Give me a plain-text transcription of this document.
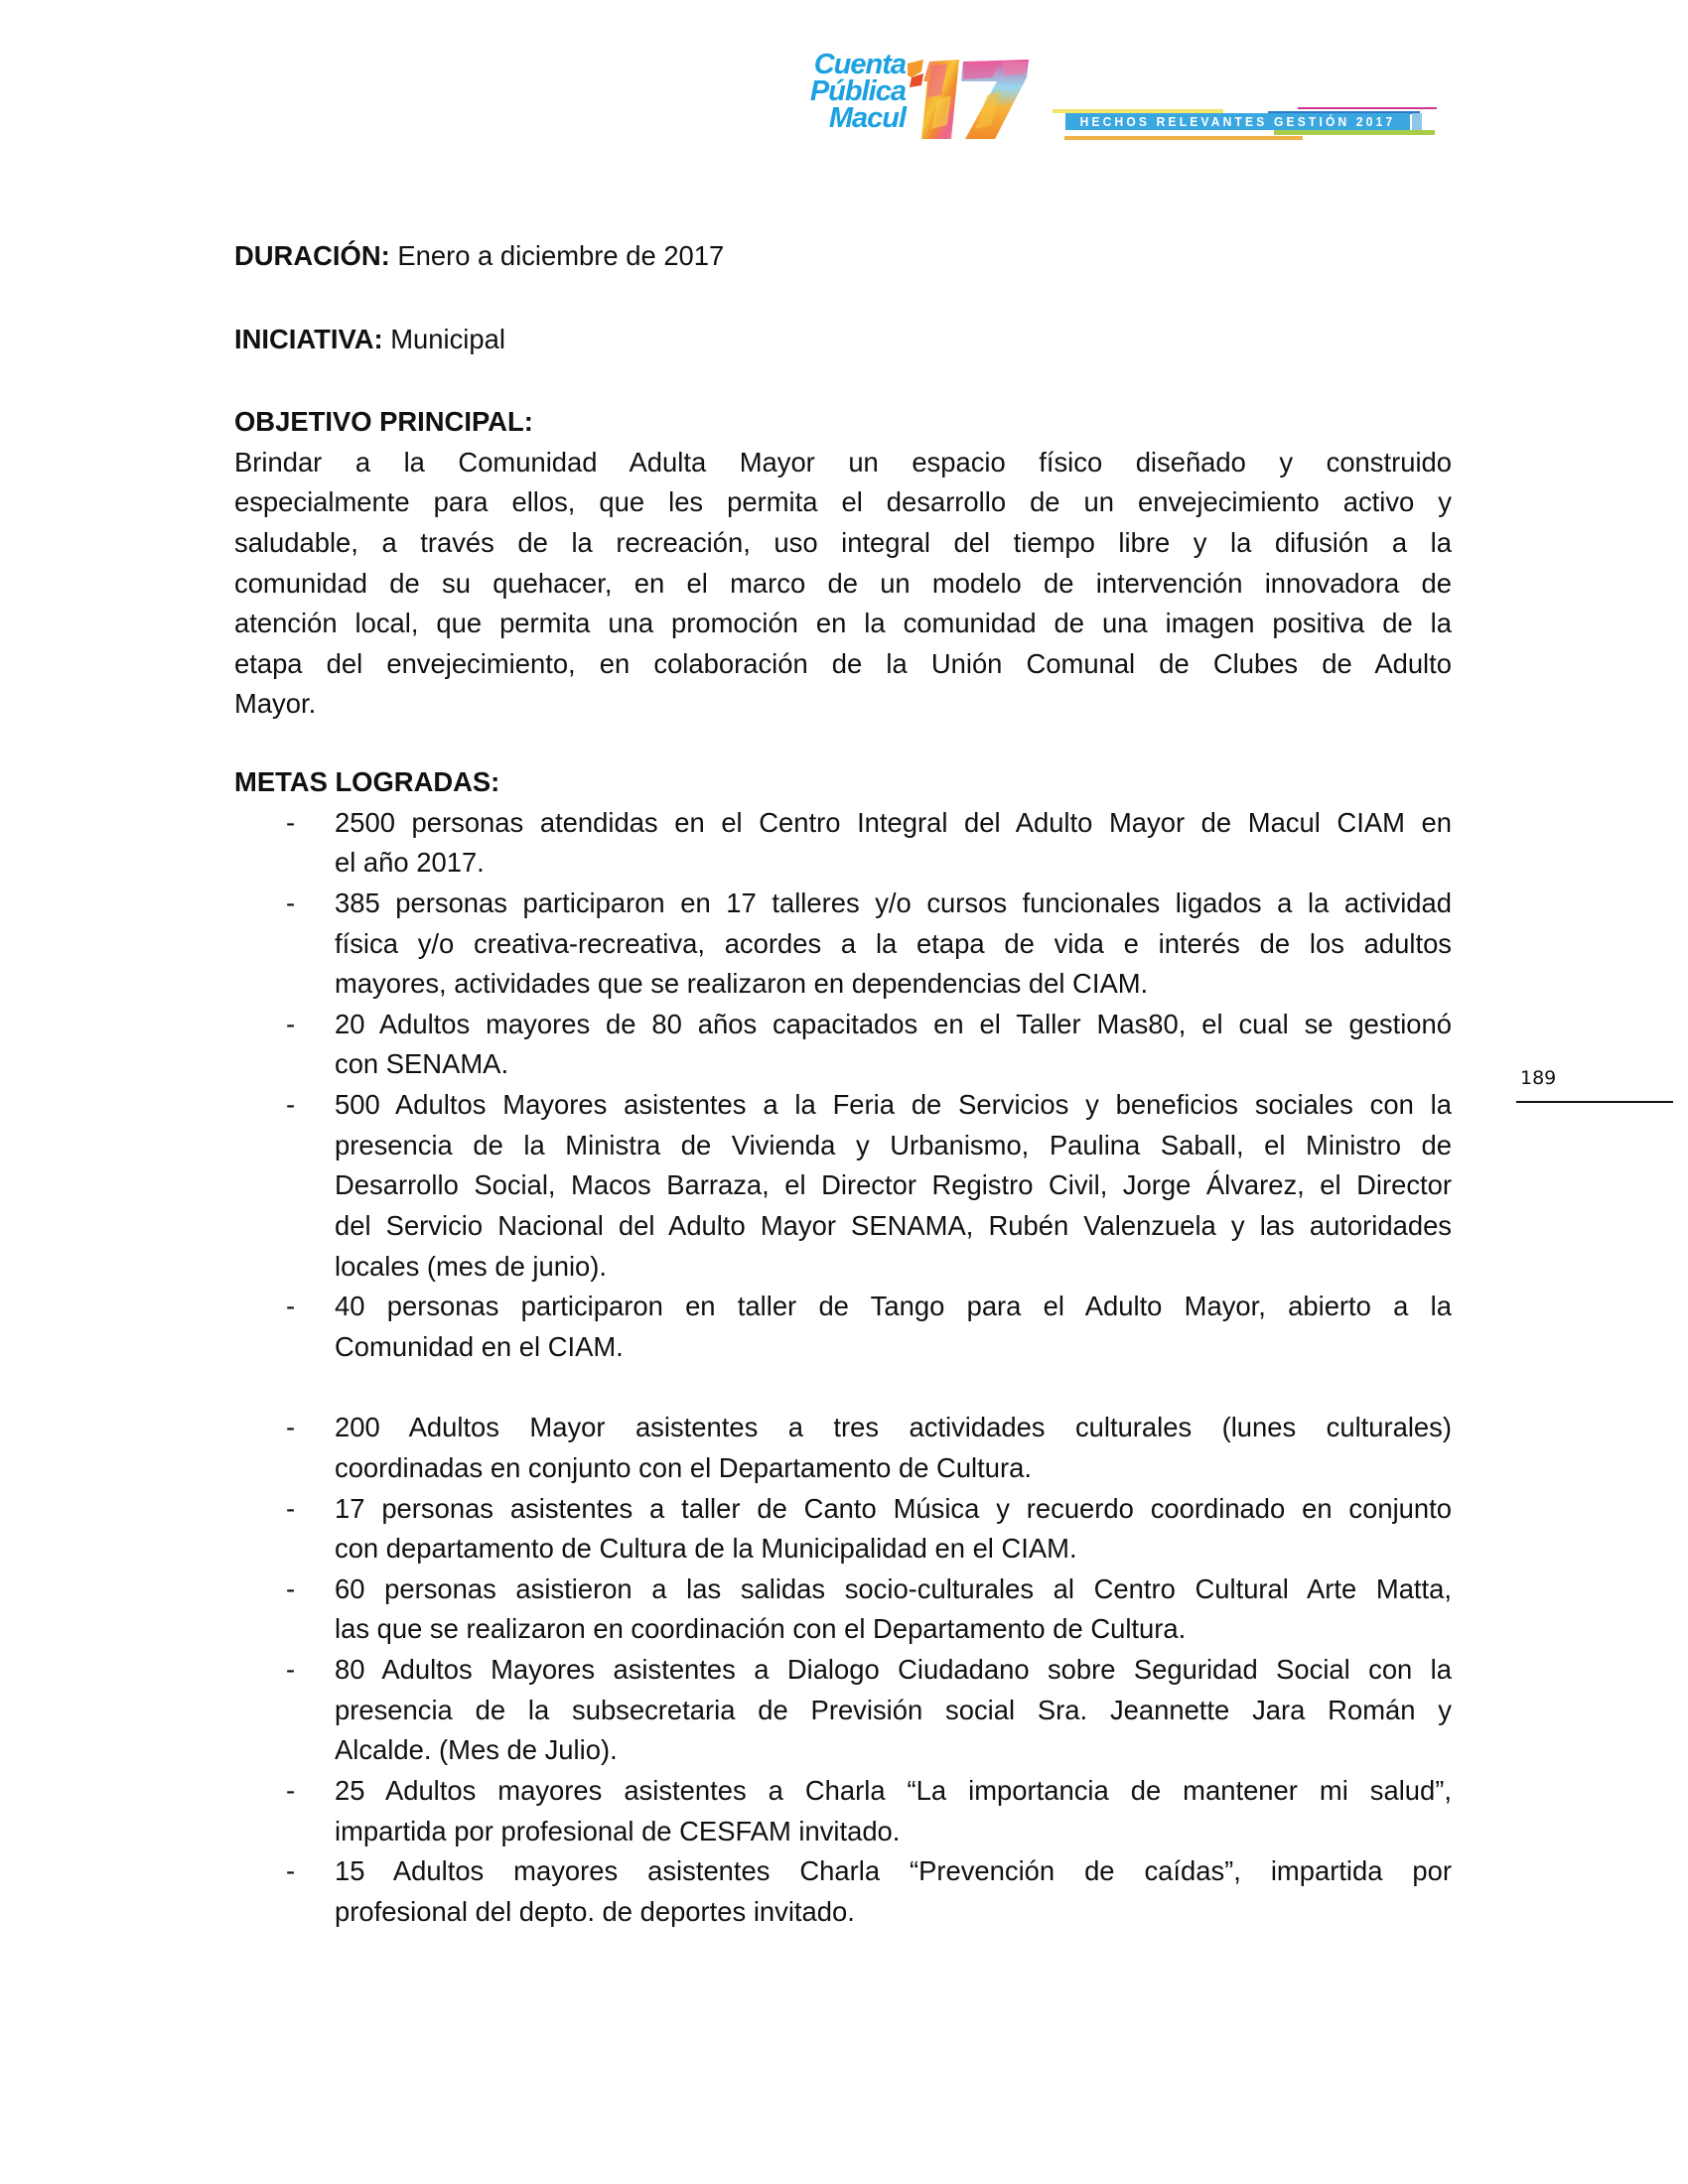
Cuenta
Pública
Macul	HECHOS RELEVANTES GESTIÓN 2017
DURACIÓN: Enero a diciembre de 2017
INICIATIVA: Municipal
OBJETIVO PRINCIPAL:
Brindar a la Comunidad Adulta Mayor un espacio físico diseñado y construido
especialmente para ellos, que les permita el desarrollo de un envejecimiento activo y
saludable, a través de la recreación, uso integral del tiempo libre y la difusión a la
comunidad de su quehacer, en el marco de un modelo de intervención innovadora de
atención local, que permita una promoción en la comunidad de una imagen positiva de la
etapa del envejecimiento, en colaboración de la Unión Comunal de Clubes de Adulto
Mayor.
METAS LOGRADAS:
-	2500 personas atendidas en el Centro Integral del Adulto Mayor de Macul CIAM en
el año 2017.
-	385 personas participaron en 17 talleres y/o cursos funcionales ligados a la actividad
física y/o creativa-recreativa, acordes a la etapa de vida e interés de los adultos
mayores, actividades que se realizaron en dependencias del CIAM.
-	20 Adultos mayores de 80 años capacitados en el Taller Mas80, el cual se gestionó
con SENAMA.
-	500 Adultos Mayores asistentes a la Feria de Servicios y beneficios sociales con la
presencia de la Ministra de Vivienda y Urbanismo, Paulina Saball, el Ministro de
Desarrollo Social, Macos Barraza, el Director Registro Civil, Jorge Álvarez, el Director
del Servicio Nacional del Adulto Mayor SENAMA, Rubén Valenzuela y las autoridades
locales (mes de junio).
-	40 personas participaron en taller de Tango para el Adulto Mayor, abierto a la
Comunidad en el CIAM.
-	200 Adultos Mayor asistentes a tres actividades culturales (lunes culturales)
coordinadas en conjunto con el Departamento de Cultura.
-	17 personas asistentes a taller de Canto Música y recuerdo coordinado en conjunto
con departamento de Cultura de la Municipalidad en el CIAM.
-	60 personas asistieron a las salidas socio-culturales al Centro Cultural Arte Matta,
las que se realizaron en coordinación con el Departamento de Cultura.
-	80 Adultos Mayores asistentes a Dialogo Ciudadano sobre Seguridad Social con la
presencia de la subsecretaria de Previsión social Sra. Jeannette Jara Román y
Alcalde. (Mes de Julio).
-	25 Adultos mayores asistentes a Charla “La importancia de mantener mi salud”,
impartida por profesional de CESFAM invitado.
-	15 Adultos mayores asistentes Charla “Prevención de caídas”, impartida por
profesional del depto. de deportes invitado.
189
